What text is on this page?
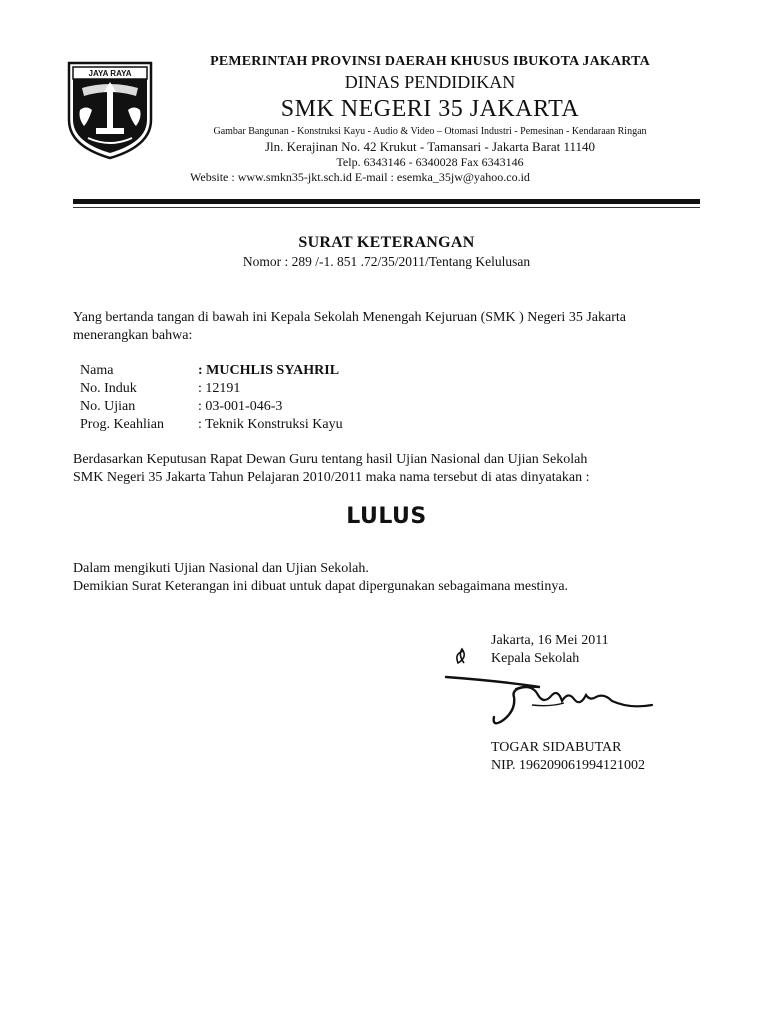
JAYA RAYA
PEMERINTAH PROVINSI DAERAH KHUSUS IBUKOTA JAKARTA
DINAS PENDIDIKAN
SMK NEGERI 35 JAKARTA
Gambar Bangunan - Konstruksi Kayu - Audio & Video – Otomasi Industri - Pemesinan - Kendaraan Ringan
Jln. Kerajinan No. 42 Krukut - Tamansari - Jakarta Barat 11140
Telp. 6343146 - 6340028 Fax 6343146
Website : www.smkn35-jkt.sch.id E-mail : esemka_35jw@yahoo.co.id
SURAT KETERANGAN
Nomor : 289 /-1. 851 .72/35/2011/Tentang Kelulusan
Yang bertanda tangan di bawah ini Kepala Sekolah Menengah Kejuruan (SMK ) Negeri 35 Jakarta
menerangkan bahwa:
Nama	: MUCHLIS SYAHRIL
No. Induk	: 12191
No. Ujian	: 03-001-046-3
Prog. Keahlian : Teknik Konstruksi Kayu
Berdasarkan Keputusan Rapat Dewan Guru tentang hasil Ujian Nasional dan Ujian Sekolah
SMK Negeri 35 Jakarta Tahun Pelajaran 2010/2011 maka nama tersebut di atas dinyatakan :
LULUS
Dalam mengikuti Ujian Nasional dan Ujian Sekolah.
Demikian Surat Keterangan ini dibuat untuk dapat dipergunakan sebagaimana mestinya.
Jakarta, 16 Mei 2011
Kepala Sekolah
TOGAR SIDABUTAR
NIP. 196209061994121002
